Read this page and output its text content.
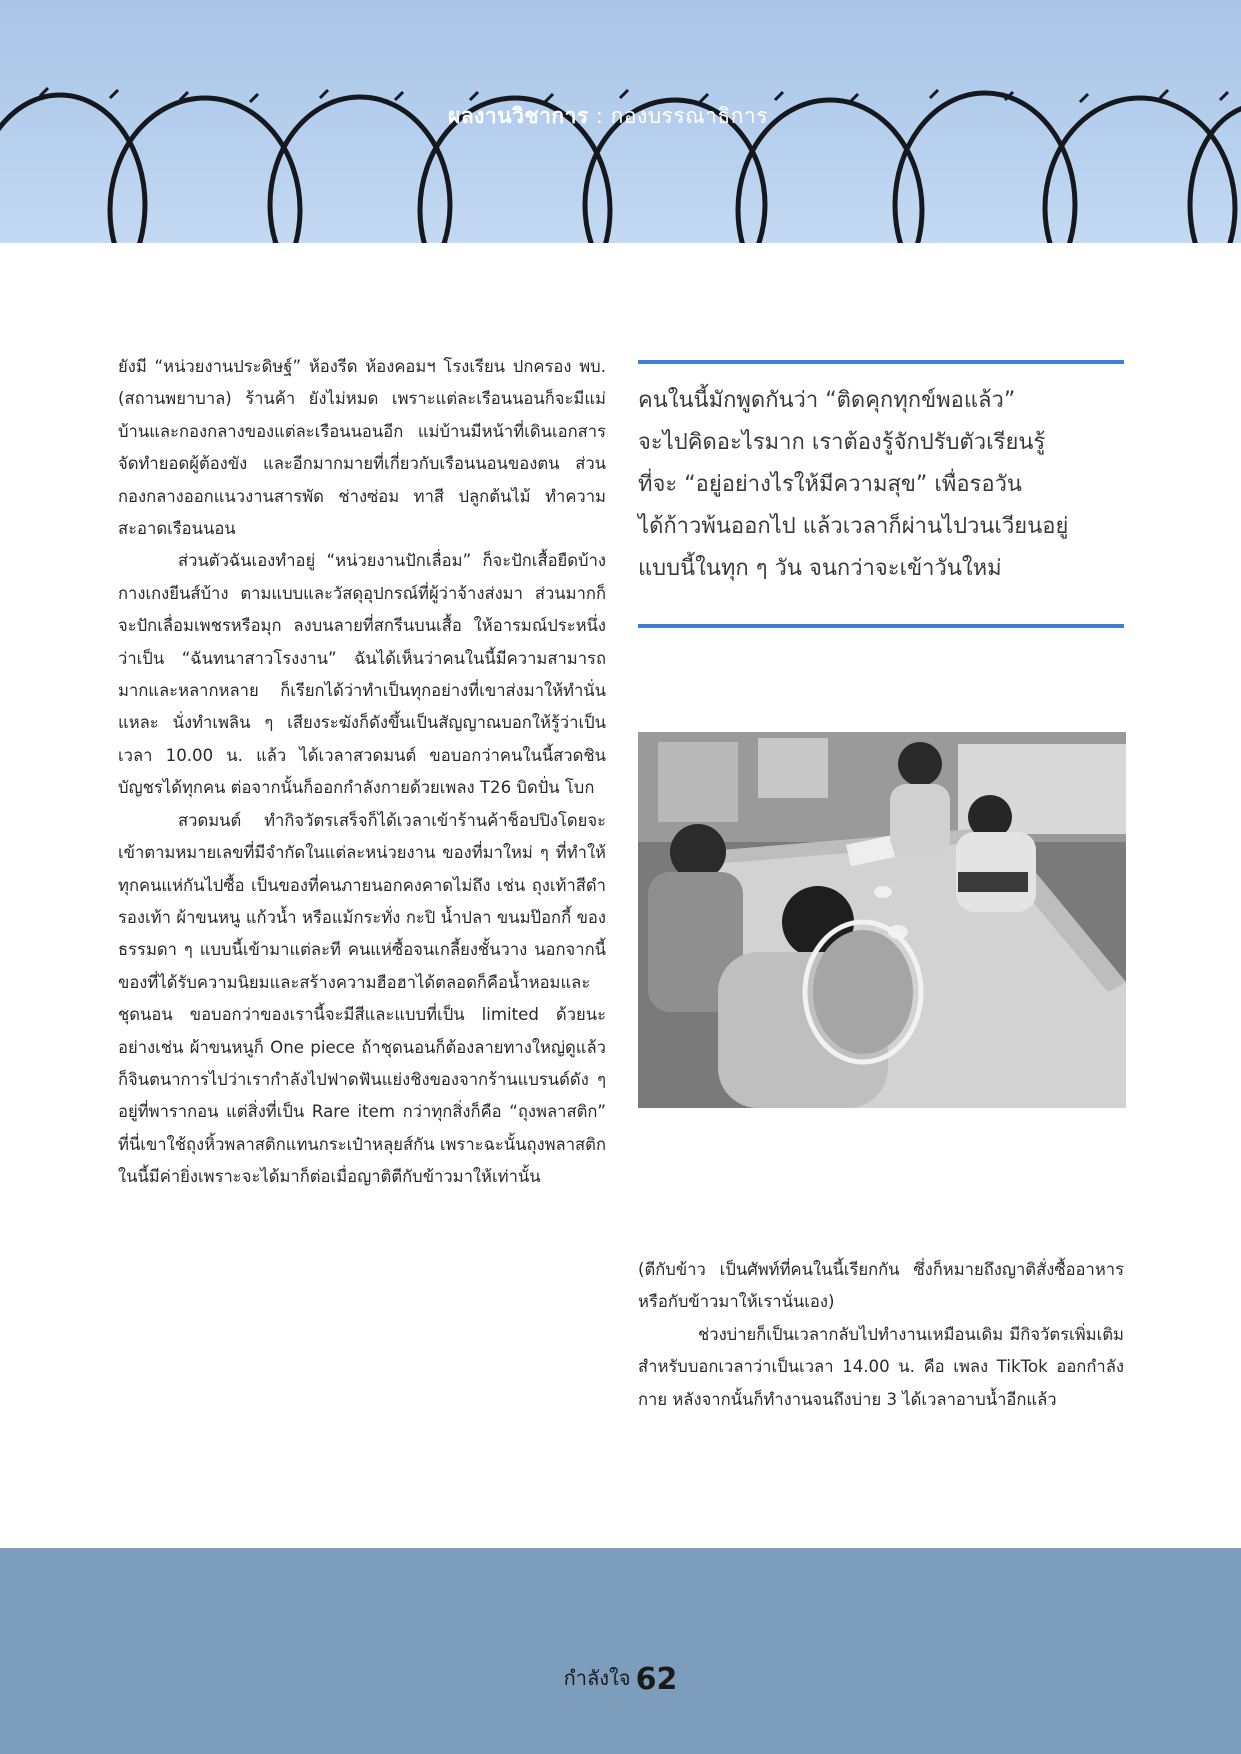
ผลงานวิชาการ : กองบรรณาธิการ

ยังมี “หน่วยงานประดิษฐ์” ห้องรีด ห้องคอมฯ โรงเรียน ปกครอง พบ. (สถานพยาบาล) ร้านค้า ยังไม่หมด เพราะแต่ละเรือนนอนก็จะมีแม่บ้านและกองกลางของแต่ละเรือนนอนอีก แม่บ้านมีหน้าที่เดินเอกสาร จัดทำยอดผู้ต้องขัง และอีกมากมายที่เกี่ยวกับเรือนนอนของตน ส่วนกองกลางออกแนวงานสารพัด ช่างซ่อม ทาสี ปลูกต้นไม้ ทำความสะอาดเรือนนอน

ส่วนตัวฉันเองทำอยู่ “หน่วยงานปักเลื่อม” ก็จะปักเสื้อยืดบ้าง กางเกงยีนส์บ้าง ตามแบบและวัสดุอุปกรณ์ที่ผู้ว่าจ้างส่งมา ส่วนมากก็จะปักเลื่อมเพชรหรือมุก ลงบนลายที่สกรีนบนเสื้อ ให้อารมณ์ประหนึ่งว่าเป็น “ฉันทนาสาวโรงงาน” ฉันได้เห็นว่าคนในนี้มีความสามารถมากและหลากหลาย ก็เรียกได้ว่าทำเป็นทุกอย่างที่เขาส่งมาให้ทำนั่นแหละ นั่งทำเพลิน ๆ เสียงระฆังก็ดังขึ้นเป็นสัญญาณบอกให้รู้ว่าเป็นเวลา 10.00 น. แล้ว ได้เวลาสวดมนต์ ขอบอกว่าคนในนี้สวดชินบัญชรได้ทุกคน ต่อจากนั้นก็ออกกำลังกายด้วยเพลง T26 บิดปั่น โบก

สวดมนต์ ทำกิจวัตรเสร็จก็ได้เวลาเข้าร้านค้าช็อปปิงโดยจะเข้าตามหมายเลขที่มีจำกัดในแต่ละหน่วยงาน ของที่มาใหม่ ๆ ที่ทำให้ทุกคนแห่กันไปซื้อ เป็นของที่คนภายนอกคงคาดไม่ถึง เช่น ถุงเท้าสีดำ รองเท้า ผ้าขนหนู แก้วน้ำ หรือแม้กระทั่ง กะปิ น้ำปลา ขนมป๊อกกี้ ของธรรมดา ๆ แบบนี้เข้ามาแต่ละที คนแห่ซื้อจนเกลี้ยงชั้นวาง นอกจากนี้ของที่ได้รับความนิยมและสร้างความฮือฮาได้ตลอดก็คือน้ำหอมและชุดนอน ขอบอกว่าของเรานี้จะมีสีและแบบที่เป็น limited ด้วยนะ อย่างเช่น ผ้าขนหนูก็ One piece ถ้าชุดนอนก็ต้องลายทางใหญ่ดูแล้วก็จินตนาการไปว่าเรากำลังไปฟาดฟันแย่งชิงของจากร้านแบรนด์ดัง ๆ อยู่ที่พารากอน แต่สิ่งที่เป็น Rare item กว่าทุกสิ่งก็คือ “ถุงพลาสติก” ที่นี่เขาใช้ถุงหิ้วพลาสติกแทนกระเป๋าหลุยส์กัน เพราะฉะนั้นถุงพลาสติกในนี้มีค่ายิ่งเพราะจะได้มาก็ต่อเมื่อญาติตีกับข้าวมาให้เท่านั้น

คนในนี้มักพูดกันว่า “ติดคุกทุกข์พอแล้ว”
จะไปคิดอะไรมาก เราต้องรู้จักปรับตัวเรียนรู้
ที่จะ “อยู่อย่างไรให้มีความสุข” เพื่อรอวัน
ได้ก้าวพ้นออกไป แล้วเวลาก็ผ่านไปวนเวียนอยู่
แบบนี้ในทุก ๆ วัน จนกว่าจะเข้าวันใหม่

(ตีกับข้าว เป็นศัพท์ที่คนในนี้เรียกกัน ซึ่งก็หมายถึงญาติสั่งซื้ออาหารหรือกับข้าวมาให้เรานั่นเอง)

ช่วงบ่ายก็เป็นเวลากลับไปทำงานเหมือนเดิม มีกิจวัตรเพิ่มเติมสำหรับบอกเวลาว่าเป็นเวลา 14.00 น. คือ เพลง TikTok ออกกำลังกาย หลังจากนั้นก็ทำงานจนถึงบ่าย 3 ได้เวลาอาบน้ำอีกแล้ว

กำลังใจ 62
